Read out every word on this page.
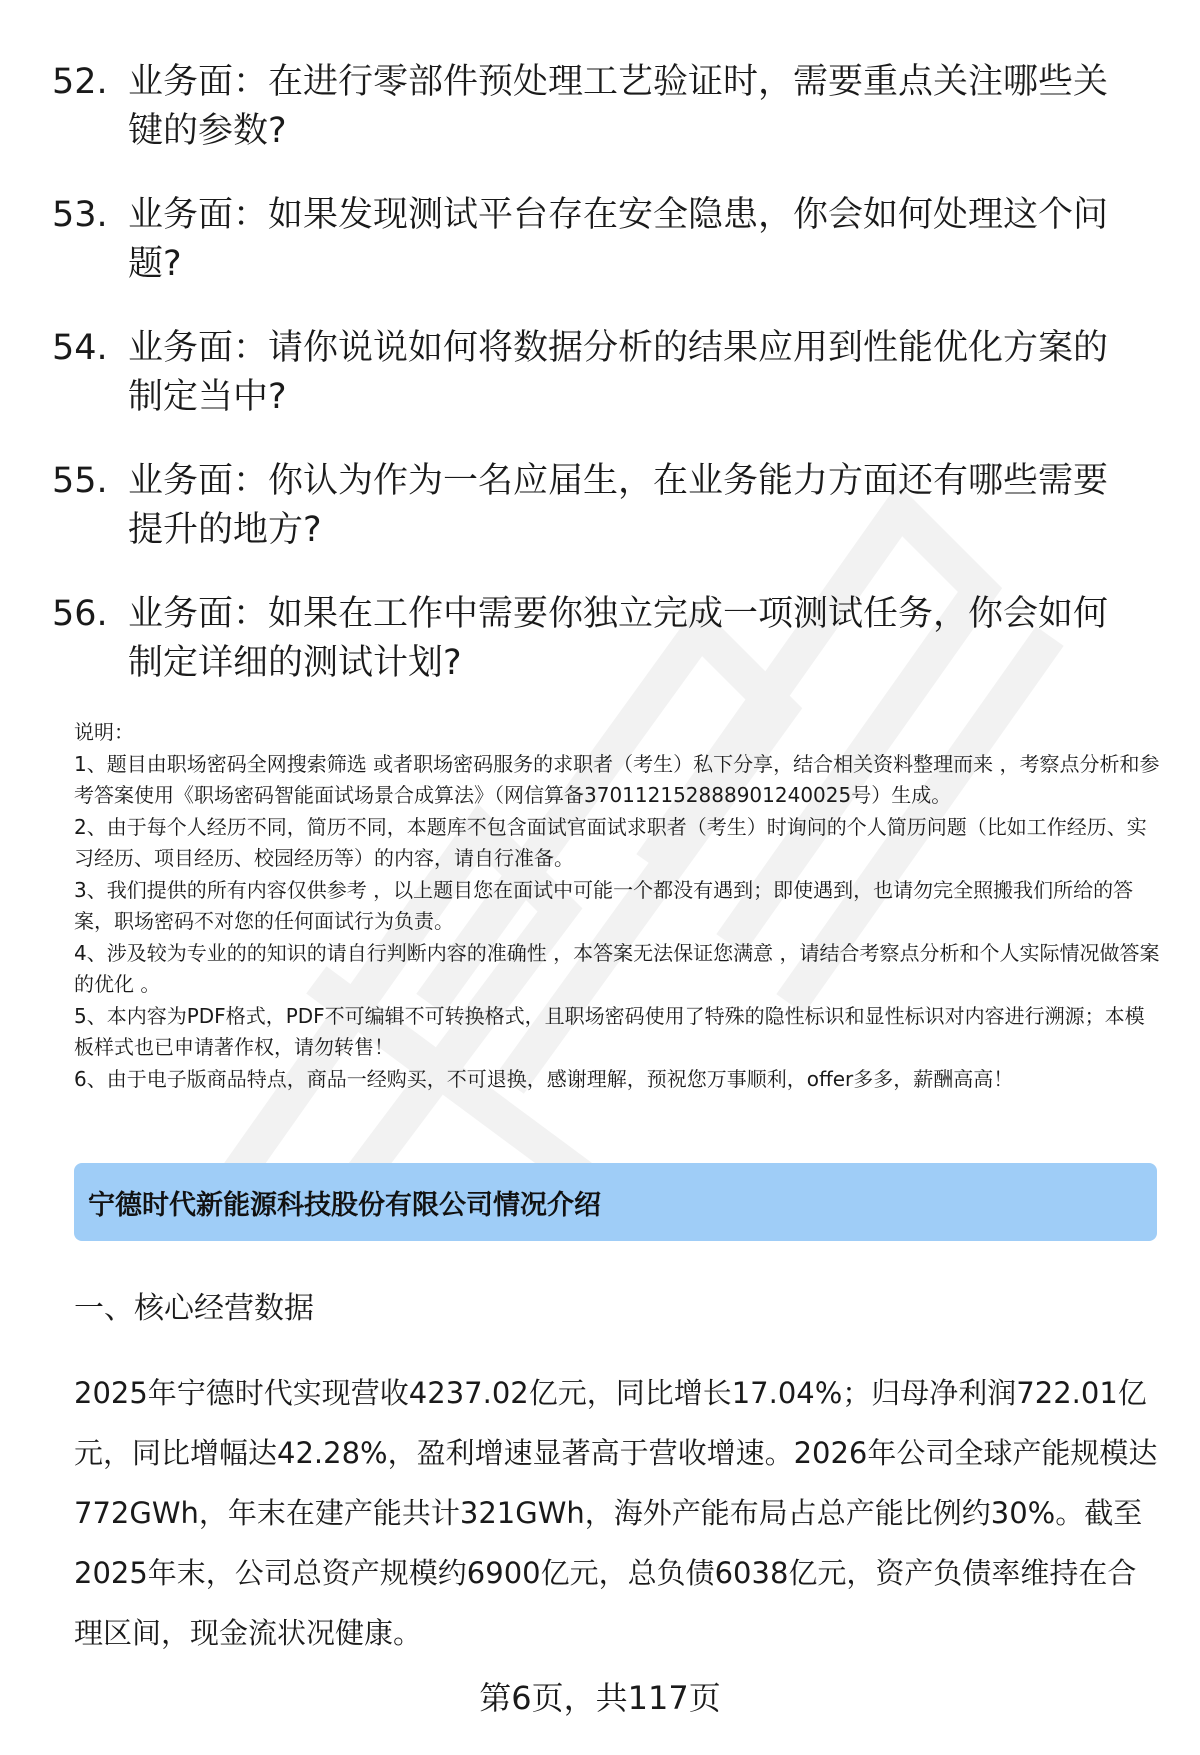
52. 业务面：在进行零部件预处理工艺验证时，需要重点关注哪些关键的参数?
53. 业务面：如果发现测试平台存在安全隐患，你会如何处理这个问题?
54. 业务面：请你说说如何将数据分析的结果应用到性能优化方案的制定当中?
55. 业务面：你认为作为一名应届生，在业务能力方面还有哪些需要提升的地方?
56. 业务面：如果在工作中需要你独立完成一项测试任务，你会如何制定详细的测试计划?

说明：

1、题目由职场密码全网搜索筛选 或者职场密码服务的求职者（考生）私下分享，结合相关资料整理而来 ，考察点分析和参考答案使用《职场密码智能面试场景合成算法》（网信算备370112152888901240025号）生成。

2、由于每个人经历不同，简历不同，本题库不包含面试官面试求职者（考生）时询问的个人简历问题（比如工作经历、实习经历、项目经历、校园经历等）的内容，请自行准备。

3、我们提供的所有内容仅供参考 ，以上题目您在面试中可能一个都没有遇到；即使遇到，也请勿完全照搬我们所给的答案，职场密码不对您的任何面试行为负责。

4、涉及较为专业的的知识的请自行判断内容的准确性 ，本答案无法保证您满意 ，请结合考察点分析和个人实际情况做答案的优化 。

5、本内容为PDF格式，PDF不可编辑不可转换格式，且职场密码使用了特殊的隐性标识和显性标识对内容进行溯源；本模板样式也已申请著作权，请勿转售！

6、由于电子版商品特点，商品一经购买，不可退换，感谢理解，预祝您万事顺利，offer多多，薪酬高高！

宁德时代新能源科技股份有限公司情况介绍
一、核心经营数据
2025年宁德时代实现营收4237.02亿元，同比增长17.04%；归母净利润722.01亿元，同比增幅达42.28%，盈利增速显著高于营收增速。2026年公司全球产能规模达772GWh，年末在建产能共计321GWh，海外产能布局占总产能比例约30%。截至2025年末，公司总资产规模约6900亿元，总负债6038亿元，资产负债率维持在合理区间，现金流状况健康。
第6页，共117页
